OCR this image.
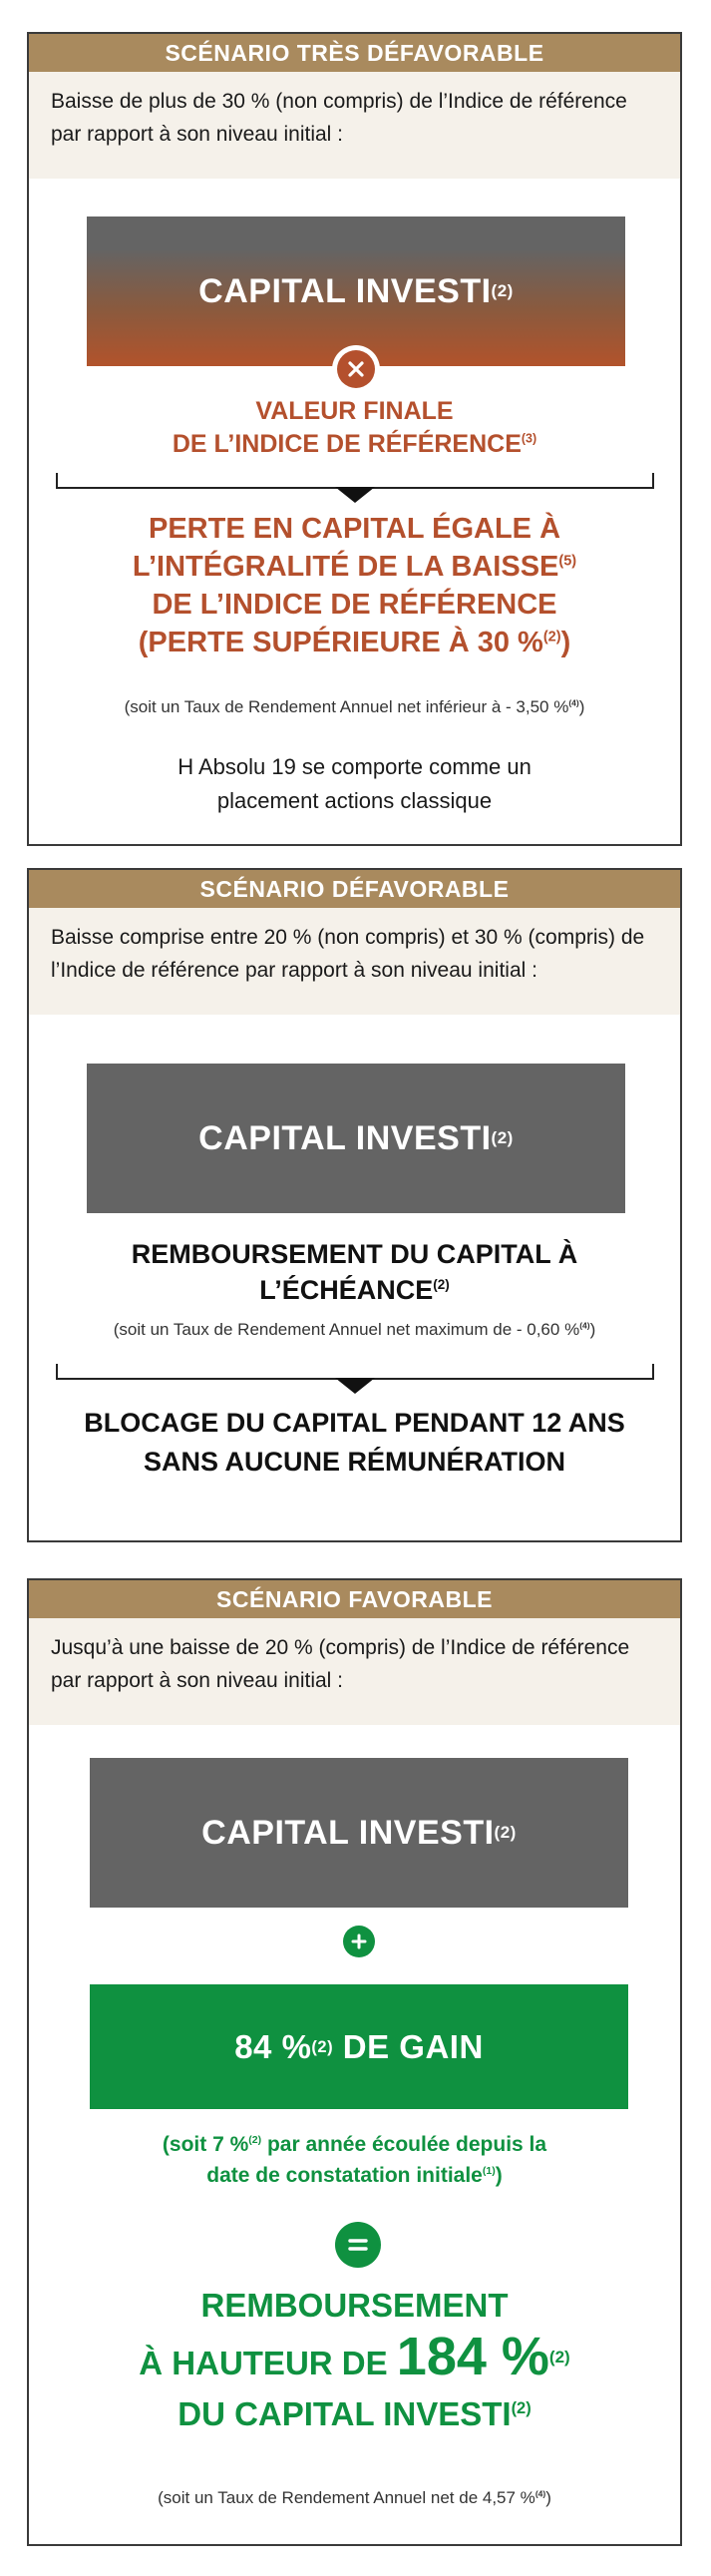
SCÉNARIO TRÈS DÉFAVORABLE
Baisse de plus de 30 % (non compris) de l’Indice de référence par rapport à son niveau initial :
CAPITAL INVESTI (2)
VALEUR FINALE
DE L’INDICE DE RÉFÉRENCE$^{(3)}$
PERTE EN CAPITAL ÉGALE À
L’INTÉGRALITÉ DE LA BAISSE$^{(5)}$
DE L’INDICE DE RÉFÉRENCE
(PERTE SUPÉRIEURE À 30 %$^{(2)}$)
(soit un Taux de Rendement Annuel net inférieur à - 3,50 %$^{(4)}$)
H Absolu 19 se comporte comme un
placement actions classique
SCÉNARIO DÉFAVORABLE
Baisse comprise entre 20 % (non compris) et 30 % (compris) de l’Indice de référence par rapport à son niveau initial :
CAPITAL INVESTI (2)
REMBOURSEMENT DU CAPITAL À
L’ÉCHÉANCE$^{(2)}$
(soit un Taux de Rendement Annuel net maximum de - 0,60 %$^{(4)}$)
BLOCAGE DU CAPITAL PENDANT 12 ANS
SANS AUCUNE RÉMUNÉRATION
SCÉNARIO FAVORABLE
Jusqu’à une baisse de 20 % (compris) de l’Indice de référence par rapport à son niveau initial :
CAPITAL INVESTI (2)
84 % (2) DE GAIN
(soit 7 %$^{(2)}$ par année écoulée depuis la
date de constatation initiale$^{(1)}$)
REMBOURSEMENT
À HAUTEUR DE 184 %$^{(2)}$
DU CAPITAL INVESTI$^{(2)}$
(soit un Taux de Rendement Annuel net de 4,57 %$^{(4)}$)
